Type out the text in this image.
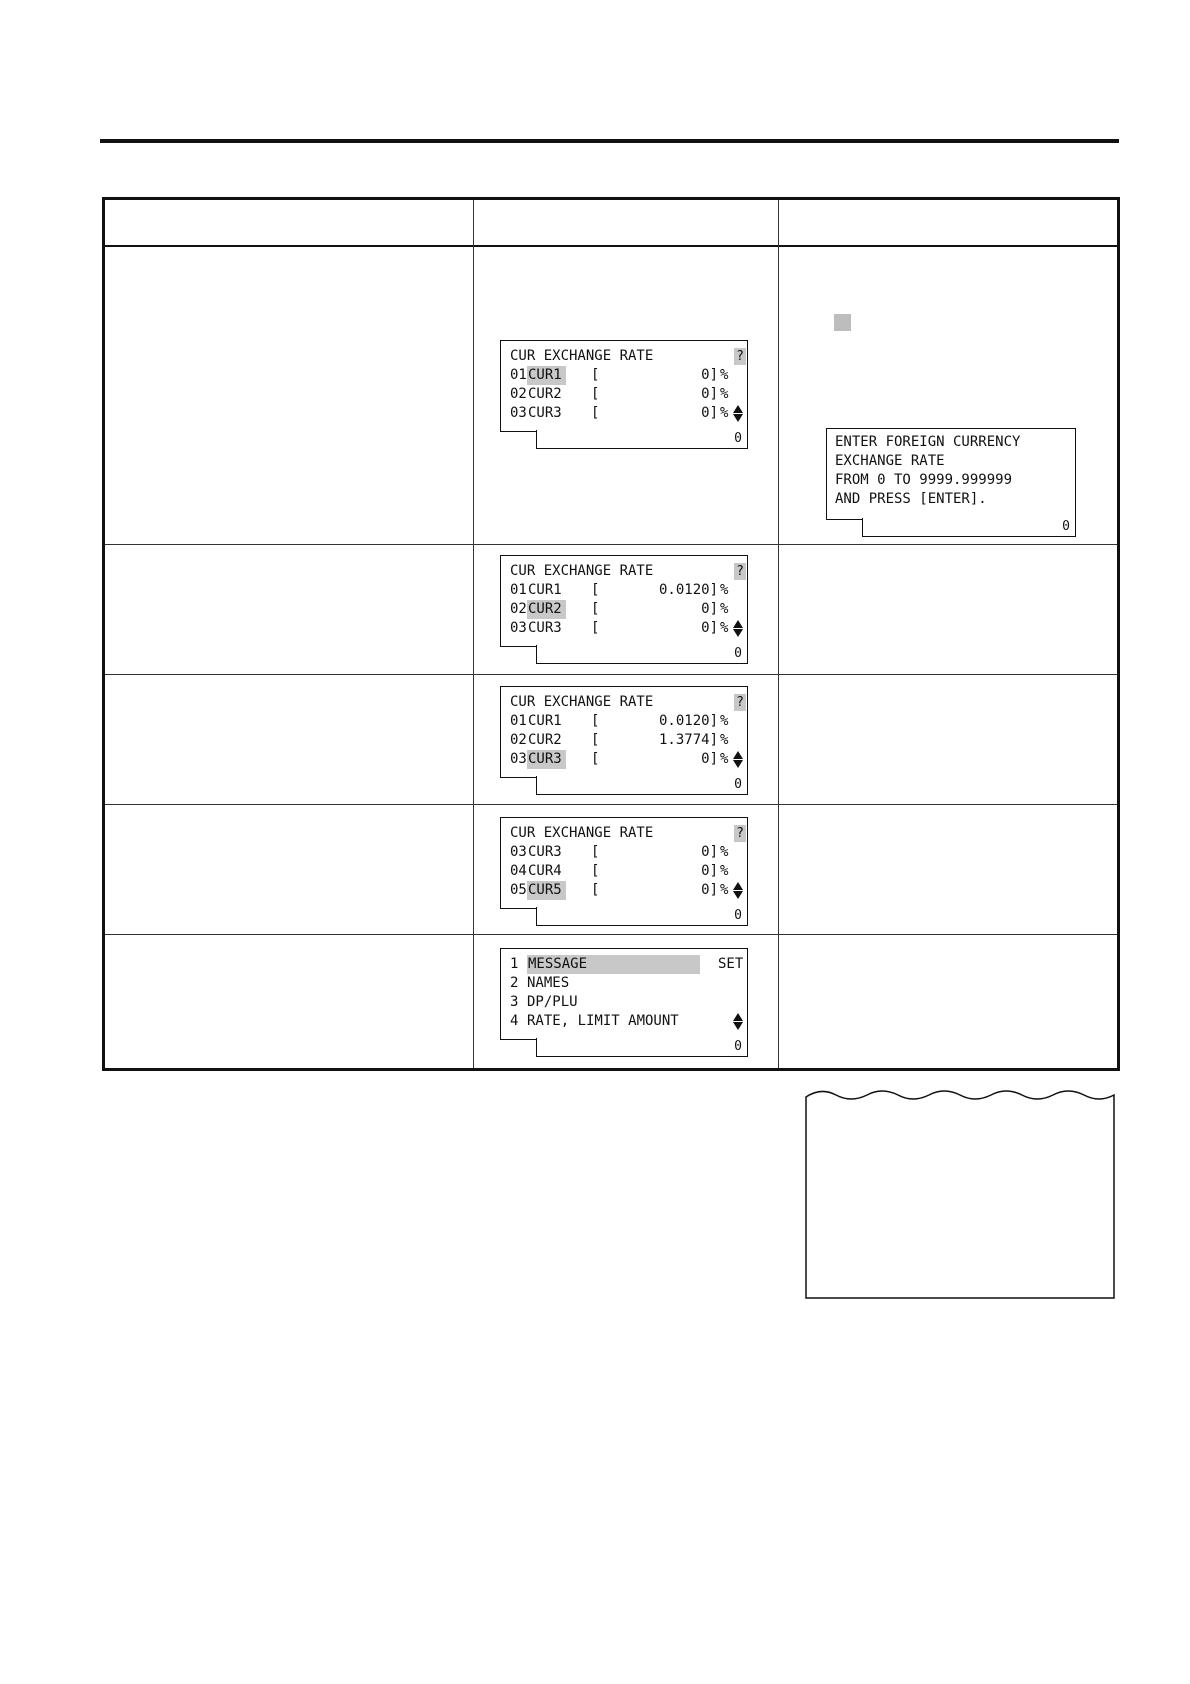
CUR EXCHANGE RATE	?
01 CUR1	[	0] %
02 CUR2	[	0] %
03 CUR3	[	0] %

0
CUR EXCHANGE RATE	?
01 CUR1	[	0.0120] %
02 CUR2	[	0] %
03 CUR3	[	0] %

0
CUR EXCHANGE RATE	?
01 CUR1	[	0.0120] %
02 CUR2	[	1.3774] %
03 CUR3	[	0] %

0
CUR EXCHANGE RATE	?
03 CUR3	[	0] %
04 CUR4	[	0] %
05 CUR5	[	0] %

0
1 MESSAGE	SET
2 NAMES
3 DP/PLU
4 RATE, LIMIT AMOUNT

0
ENTER FOREIGN CURRENCY
EXCHANGE RATE
FROM 0 TO 9999.999999
AND PRESS [ENTER].
0
